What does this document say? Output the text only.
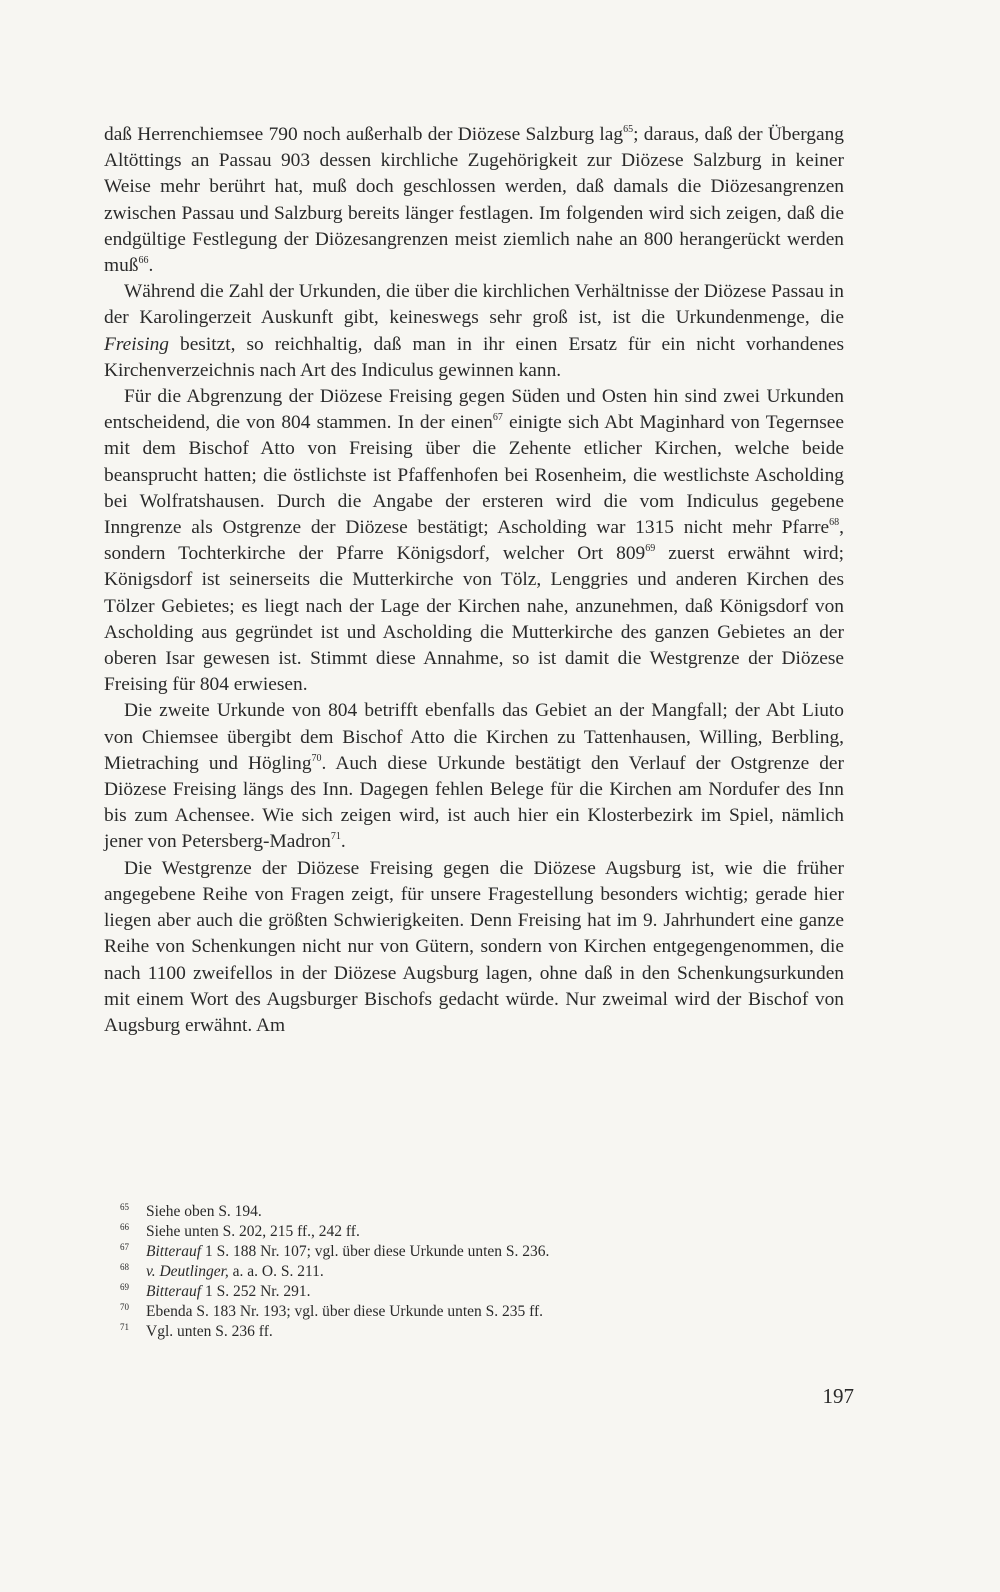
daß Herrenchiemsee 790 noch außerhalb der Diözese Salzburg lag$^{65}$; daraus, daß der Übergang Altöttings an Passau 903 dessen kirchliche Zugehörigkeit zur Diözese Salzburg in keiner Weise mehr berührt hat, muß doch geschlossen werden, daß damals die Diözesangrenzen zwischen Passau und Salzburg bereits länger festlagen. Im folgenden wird sich zeigen, daß die endgültige Festlegung der Diözesangrenzen meist ziemlich nahe an 800 herangerückt werden muß$^{66}$.

Während die Zahl der Urkunden, die über die kirchlichen Verhältnisse der Diözese Passau in der Karolingerzeit Auskunft gibt, keineswegs sehr groß ist, ist die Urkundenmenge, die Freising besitzt, so reichhaltig, daß man in ihr einen Ersatz für ein nicht vorhandenes Kirchenverzeichnis nach Art des Indiculus gewinnen kann.

Für die Abgrenzung der Diözese Freising gegen Süden und Osten hin sind zwei Urkunden entscheidend, die von 804 stammen. In der einen$^{67}$ einigte sich Abt Maginhard von Tegernsee mit dem Bischof Atto von Freising über die Zehente etlicher Kirchen, welche beide beansprucht hatten; die östlichste ist Pfaffenhofen bei Rosenheim, die westlichste Ascholding bei Wolfratshausen. Durch die Angabe der ersteren wird die vom Indiculus gegebene Inngrenze als Ostgrenze der Diözese bestätigt; Ascholding war 1315 nicht mehr Pfarre$^{68}$, sondern Tochterkirche der Pfarre Königsdorf, welcher Ort $809^{69}$ zuerst erwähnt wird; Königsdorf ist seinerseits die Mutterkirche von Tölz, Lenggries und anderen Kirchen des Tölzer Gebietes; es liegt nach der Lage der Kirchen nahe, anzunehmen, daß Königsdorf von Ascholding aus gegründet ist und Ascholding die Mutterkirche des ganzen Gebietes an der oberen Isar gewesen ist. Stimmt diese Annahme, so ist damit die Westgrenze der Diözese Freising für 804 erwiesen.

Die zweite Urkunde von 804 betrifft ebenfalls das Gebiet an der Mangfall; der Abt Liuto von Chiemsee übergibt dem Bischof Atto die Kirchen zu Tattenhausen, Willing, Berbling, Mietraching und Högling$^{70}$. Auch diese Urkunde bestätigt den Verlauf der Ostgrenze der Diözese Freising längs des Inn. Dagegen fehlen Belege für die Kirchen am Nordufer des Inn bis zum Achensee. Wie sich zeigen wird, ist auch hier ein Klosterbezirk im Spiel, nämlich jener von Petersberg-Madron$^{71}$.

Die Westgrenze der Diözese Freising gegen die Diözese Augsburg ist, wie die früher angegebene Reihe von Fragen zeigt, für unsere Fragestellung besonders wichtig; gerade hier liegen aber auch die größten Schwierigkeiten. Denn Freising hat im 9. Jahrhundert eine ganze Reihe von Schenkungen nicht nur von Gütern, sondern von Kirchen entgegengenommen, die nach 1100 zweifellos in der Diözese Augsburg lagen, ohne daß in den Schenkungsurkunden mit einem Wort des Augsburger Bischofs gedacht würde. Nur zweimal wird der Bischof von Augsburg erwähnt. Am

65	Siehe oben S. 194.
66	Siehe unten S. 202, 215 ff., 242 ff.
67	Bitterauf 1 S. 188 Nr. 107; vgl. über diese Urkunde unten S. 236.
68	v. Deutlinger, a. a. O. S. 211.
69	Bitterauf 1 S. 252 Nr. 291.
70	Ebenda S. 183 Nr. 193; vgl. über diese Urkunde unten S. 235 ff.
71	Vgl. unten S. 236 ff.
197
